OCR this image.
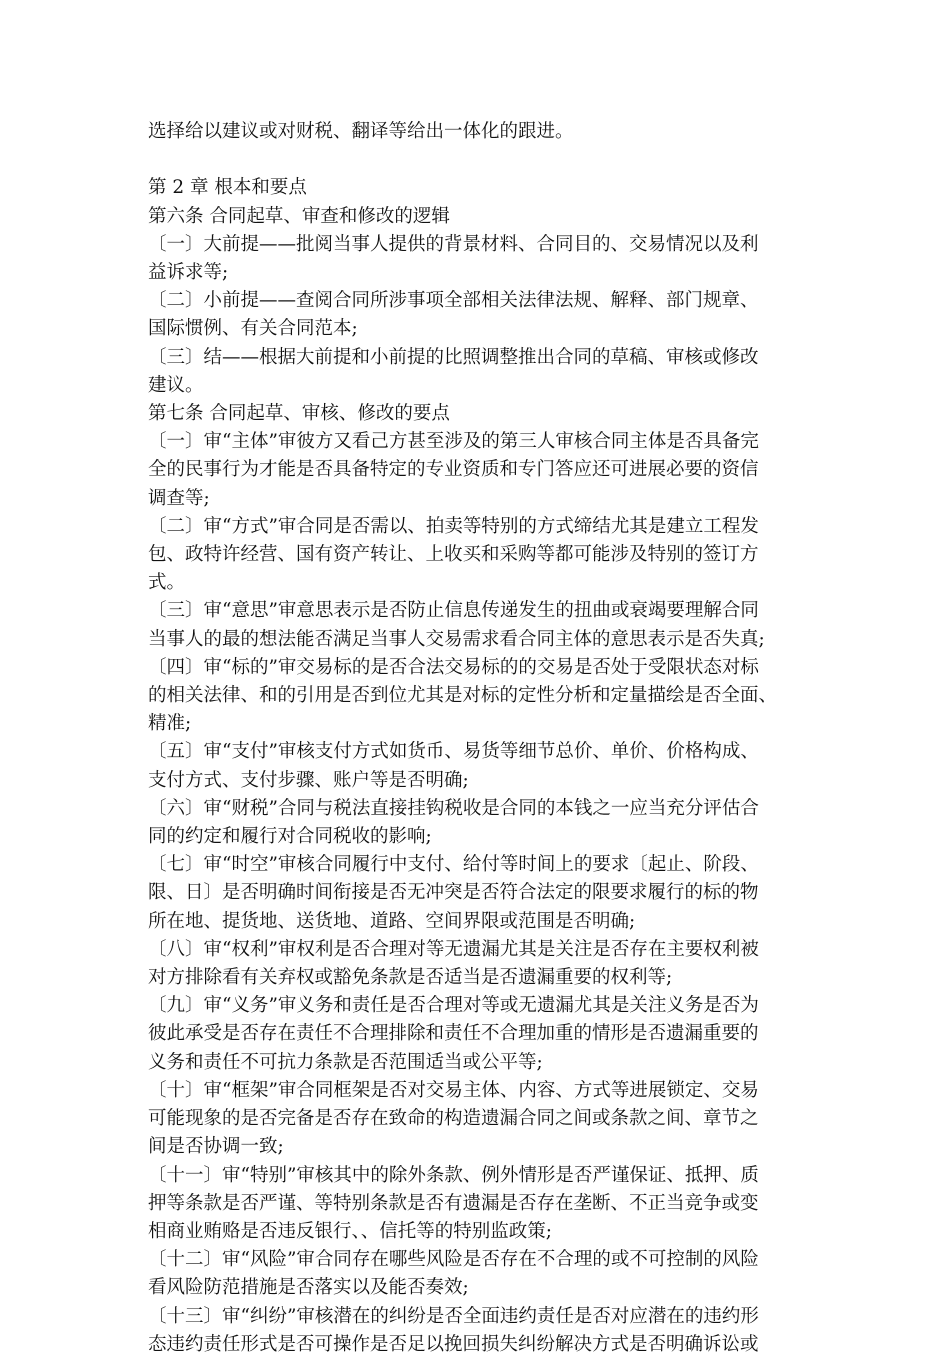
选择给以建议或对财税、翻译等给出一体化的跟进。

第 2 章 根本和要点

第六条 合同起草、审查和修改的逻辑

〔一〕大前提——批阅当事人提供的背景材料、合同目的、交易情况以及利

益诉求等;

〔二〕小前提——查阅合同所涉事项全部相关法律法规、解释、部门规章、

国际惯例、有关合同范本;

〔三〕结——根据大前提和小前提的比照调整推出合同的草稿、审核或修改

建议。

第七条 合同起草、审核、修改的要点

〔一〕审“主体”审彼方又看己方甚至涉及的第三人审核合同主体是否具备完

全的民事行为才能是否具备特定的专业资质和专门答应还可进展必要的资信

调查等;

〔二〕审“方式”审合同是否需以、拍卖等特别的方式缔结尤其是建立工程发

包、政特许经营、国有资产转让、上收买和采购等都可能涉及特别的签订方

式。

〔三〕审“意思”审意思表示是否防止信息传递发生的扭曲或衰竭要理解合同

当事人的最的想法能否满足当事人交易需求看合同主体的意思表示是否失真;

〔四〕审“标的”审交易标的是否合法交易标的的交易是否处于受限状态对标

的相关法律、和的引用是否到位尤其是对标的定性分析和定量描绘是否全面、

精准;

〔五〕审“支付”审核支付方式如货币、易货等细节总价、单价、价格构成、

支付方式、支付步骤、账户等是否明确;

〔六〕审“财税”合同与税法直接挂钩税收是合同的本钱之一应当充分评估合

同的约定和履行对合同税收的影响;

〔七〕审“时空”审核合同履行中支付、给付等时间上的要求〔起止、阶段、

限、日〕是否明确时间衔接是否无冲突是否符合法定的限要求履行的标的物

所在地、提货地、送货地、道路、空间界限或范围是否明确;

〔八〕审“权利”审权利是否合理对等无遗漏尤其是关注是否存在主要权利被

对方排除看有关弃权或豁免条款是否适当是否遗漏重要的权利等;

〔九〕审“义务”审义务和责任是否合理对等或无遗漏尤其是关注义务是否为

彼此承受是否存在责任不合理排除和责任不合理加重的情形是否遗漏重要的

义务和责任不可抗力条款是否范围适当或公平等;

〔十〕审“框架”审合同框架是否对交易主体、内容、方式等进展锁定、交易

可能现象的是否完备是否存在致命的构造遗漏合同之间或条款之间、章节之

间是否协调一致;

〔十一〕审“特别”审核其中的除外条款、例外情形是否严谨保证、抵押、质

押等条款是否严谨、等特别条款是否有遗漏是否存在垄断、不正当竞争或变

相商业贿赂是否违反银行、、信托等的特别监政策;

〔十二〕审“风险”审合同存在哪些风险是否存在不合理的或不可控制的风险

看风险防范措施是否落实以及能否奏效;

〔十三〕审“纠纷”审核潜在的纠纷是否全面违约责任是否对应潜在的违约形

态违约责任形式是否可操作是否足以挽回损失纠纷解决方式是否明确诉讼或
